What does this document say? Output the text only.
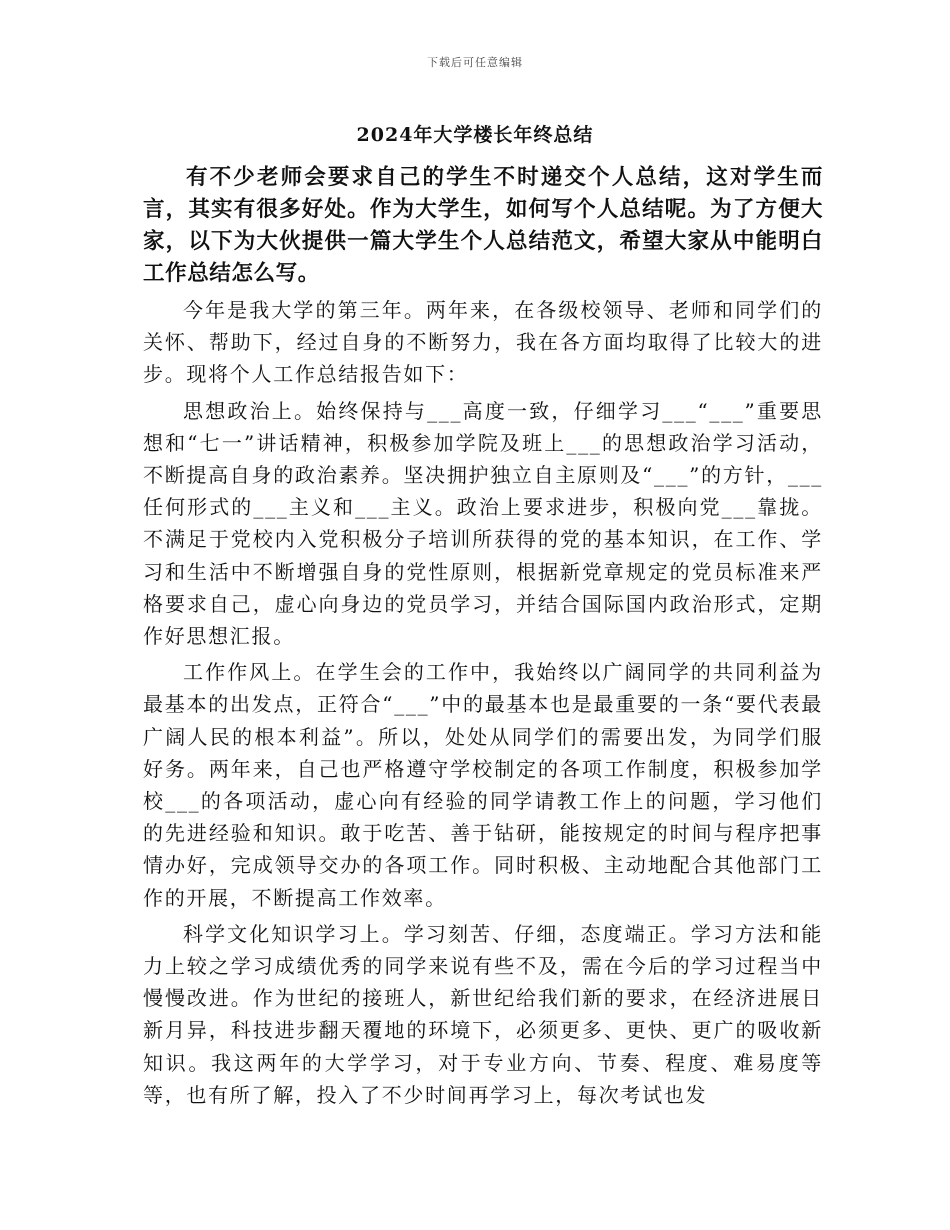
下载后可任意编辑
2024年大学楼长年终总结

有不少老师会要求自己的学生不时递交个人总结，这对学生而言，其实有很多好处。作为大学生，如何写个人总结呢。为了方便大家，以下为大伙提供一篇大学生个人总结范文，希望大家从中能明白工作总结怎么写。

今年是我大学的第三年。两年来，在各级校领导、老师和同学们的关怀、帮助下，经过自身的不断努力，我在各方面均取得了比较大的进步。现将个人工作总结报告如下：

思想政治上。始终保持与___高度一致，仔细学习___“___”重要思想和“七一”讲话精神，积极参加学院及班上___的思想政治学习活动，不断提高自身的政治素养。坚决拥护独立自主原则及“___”的方针，___任何形式的___主义和___主义。政治上要求进步，积极向党___靠拢。不满足于党校内入党积极分子培训所获得的党的基本知识，在工作、学习和生活中不断增强自身的党性原则，根据新党章规定的党员标准来严格要求自己，虚心向身边的党员学习，并结合国际国内政治形式，定期作好思想汇报。

工作作风上。在学生会的工作中，我始终以广阔同学的共同利益为最基本的出发点，正符合“___”中的最基本也是最重要的一条“要代表最广阔人民的根本利益”。所以，处处从同学们的需要出发，为同学们服好务。两年来，自己也严格遵守学校制定的各项工作制度，积极参加学校___的各项活动，虚心向有经验的同学请教工作上的问题，学习他们的先进经验和知识。敢于吃苦、善于钻研，能按规定的时间与程序把事情办好，完成领导交办的各项工作。同时积极、主动地配合其他部门工作的开展，不断提高工作效率。

科学文化知识学习上。学习刻苦、仔细，态度端正。学习方法和能力上较之学习成绩优秀的同学来说有些不及，需在今后的学习过程当中慢慢改进。作为世纪的接班人，新世纪给我们新的要求，在经济进展日新月异，科技进步翻天覆地的环境下，必须更多、更快、更广的吸收新知识。我这两年的大学学习，对于专业方向、节奏、程度、难易度等等，也有所了解，投入了不少时间再学习上，每次考试也发
